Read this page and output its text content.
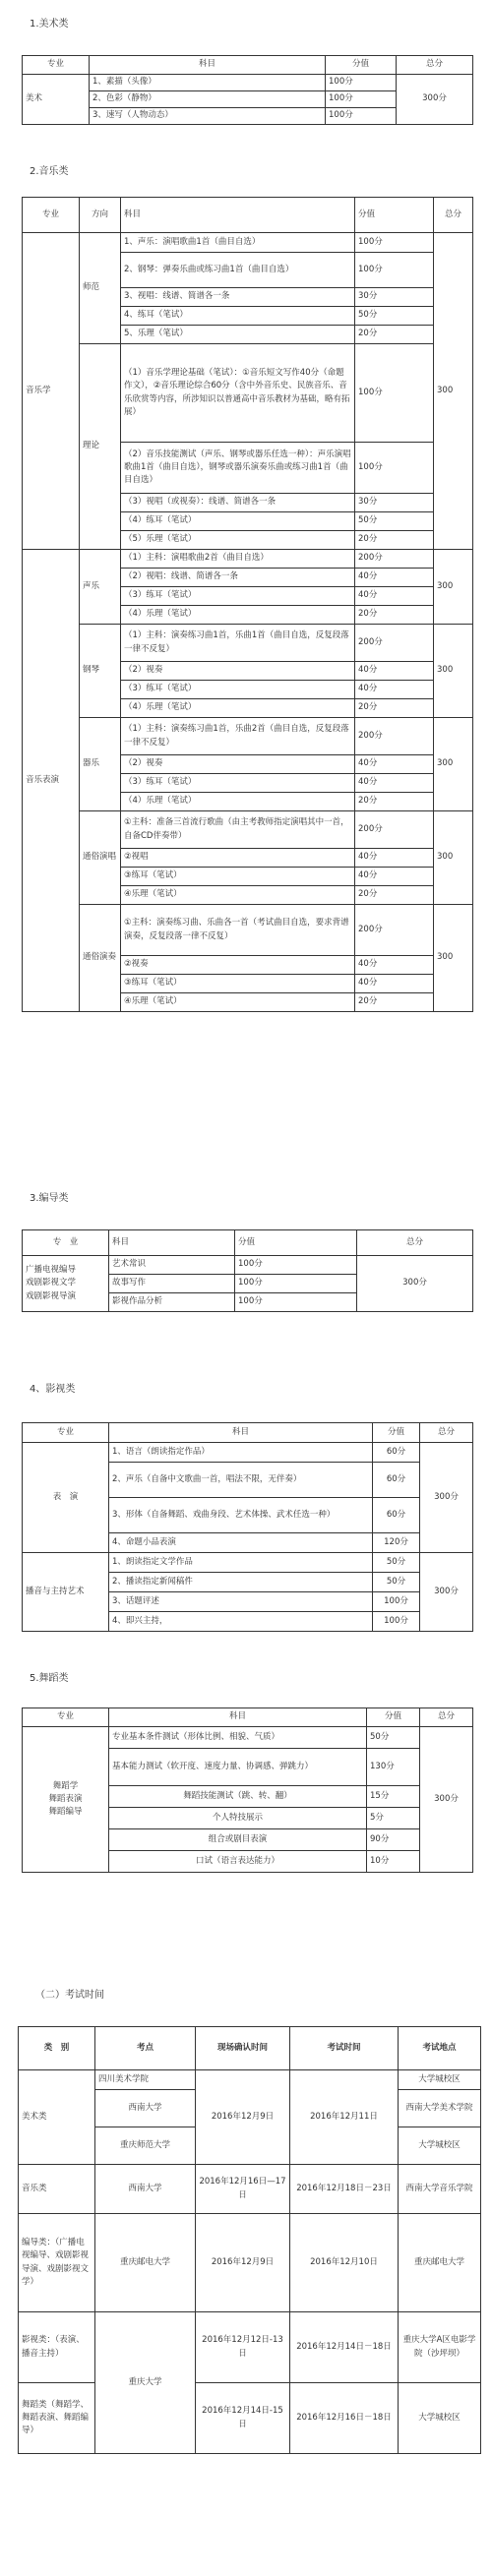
1.美术类
专业	科目	分值	总分
美术	1、素描（头像）	100分	300分
	2、色彩（静物）	100分	
	3、速写（人物动态）	100分	
2.音乐类
专业	方向	科目	分值	总分
音乐学	师范	1、声乐：演唱歌曲1首（曲目自选）	100分	300
		2、钢琴：弹奏乐曲或练习曲1首（曲目自选）	100分	
		3、视唱：线谱、简谱各一条	30分	
		4、练耳（笔试）	50分	
		5、乐理（笔试）	20分	
	理论	（1）音乐学理论基础（笔试）：①音乐短文写作40分（命题作文），②音乐理论综合60分（含中外音乐史、民族音乐、音乐欣赏等内容，所涉知识以普通高中音乐教材为基础，略有拓展）	100分	
		（2）音乐技能测试（声乐、钢琴或器乐任选一种）：声乐演唱歌曲1首（曲目自选），钢琴或器乐演奏乐曲或练习曲1首（曲目自选）	100分	
		（3）视唱（或视奏）：线谱、简谱各一条	30分	
		（4）练耳（笔试）	50分	
		（5）乐理（笔试）	20分	
音乐表演	声乐	（1）主科：演唱歌曲2首（曲目自选）	200分	300
		（2）视唱：线谱、简谱各一条	40分	
		（3）练耳（笔试）	40分	
		（4）乐理（笔试）	20分	
	钢琴	（1）主科：演奏练习曲1首，乐曲1首（曲目自选，反复段落一律不反复）	200分	300
		（2）视奏	40分	
		（3）练耳（笔试）	40分	
		（4）乐理（笔试）	20分	
	器乐	（1）主科：演奏练习曲1首，乐曲2首（曲目自选，反复段落一律不反复）	200分	300
		（2）视奏	40分	
		（3）练耳（笔试）	40分	
		（4）乐理（笔试）	20分	
	通俗演唱	①主科：准备三首流行歌曲（由主考教师指定演唱其中一首，自备CD伴奏带）	200分	300
		②视唱	40分	
		③练耳（笔试）	40分	
		④乐理（笔试）	20分	
	通俗演奏	①主科：演奏练习曲、乐曲各一首（考试曲目自选，要求背谱演奏，反复段落一律不反复）	200分	300
		②视奏	40分	
		③练耳（笔试）	40分	
		④乐理（笔试）	20分	
3.编导类
专　业	科目	分值	总分

广播电视编导
戏剧影视文学
戏剧影视导演	艺术常识	100分	300分
	故事写作	100分	
	影视作品分析	100分	
4、影视类
专业	科目	分值	总分
表　演	1、语言（朗读指定作品）	60分	300分
	2、声乐（自备中文歌曲一首，唱法不限，无伴奏）	60分	
	3、形体（自备舞蹈、戏曲身段、艺术体操、武术任选一种）	60分	
	4、命题小品表演	120分	
播音与主持艺术	1、朗读指定文学作品	50分	300分
	2、播读指定新闻稿件	50分	
	3、话题评述	100分	
	4、即兴主持，	100分	
5.舞蹈类
专业	科目	分值	总分

舞蹈学
舞蹈表演
舞蹈编导	专业基本条件测试（形体比例、相貌、气质）	50分	300分
	基本能力测试（软开度、速度力量、协调感、弹跳力）	130分	
	舞蹈技能测试（跳、转、翻）	15分	
	个人特技展示	5分	
	组合或剧目表演	90分	
	口试（语言表达能力）	10分	
（二）考试时间
类　别	考点	现场确认时间	考试时间	考试地点
美术类	四川美术学院	2016年12月9日	2016年12月11日	大学城校区
	西南大学			西南大学美术学院
	重庆师范大学			大学城校区
音乐类	西南大学	2016年12月16日—17日	2016年12月18日－23日	西南大学音乐学院
编导类：（广播电视编导、戏剧影视导演、戏剧影视文学）	重庆邮电大学	2016年12月9日	2016年12月10日	重庆邮电大学
影视类：（表演、播音主持）	重庆大学	2016年12月12日-13日	2016年12月14日－18日	重庆大学A区电影学院（沙坪坝）
舞蹈类（舞蹈学、舞蹈表演、舞蹈编导）		2016年12月14日-15日	2016年12月16日－18日	大学城校区
